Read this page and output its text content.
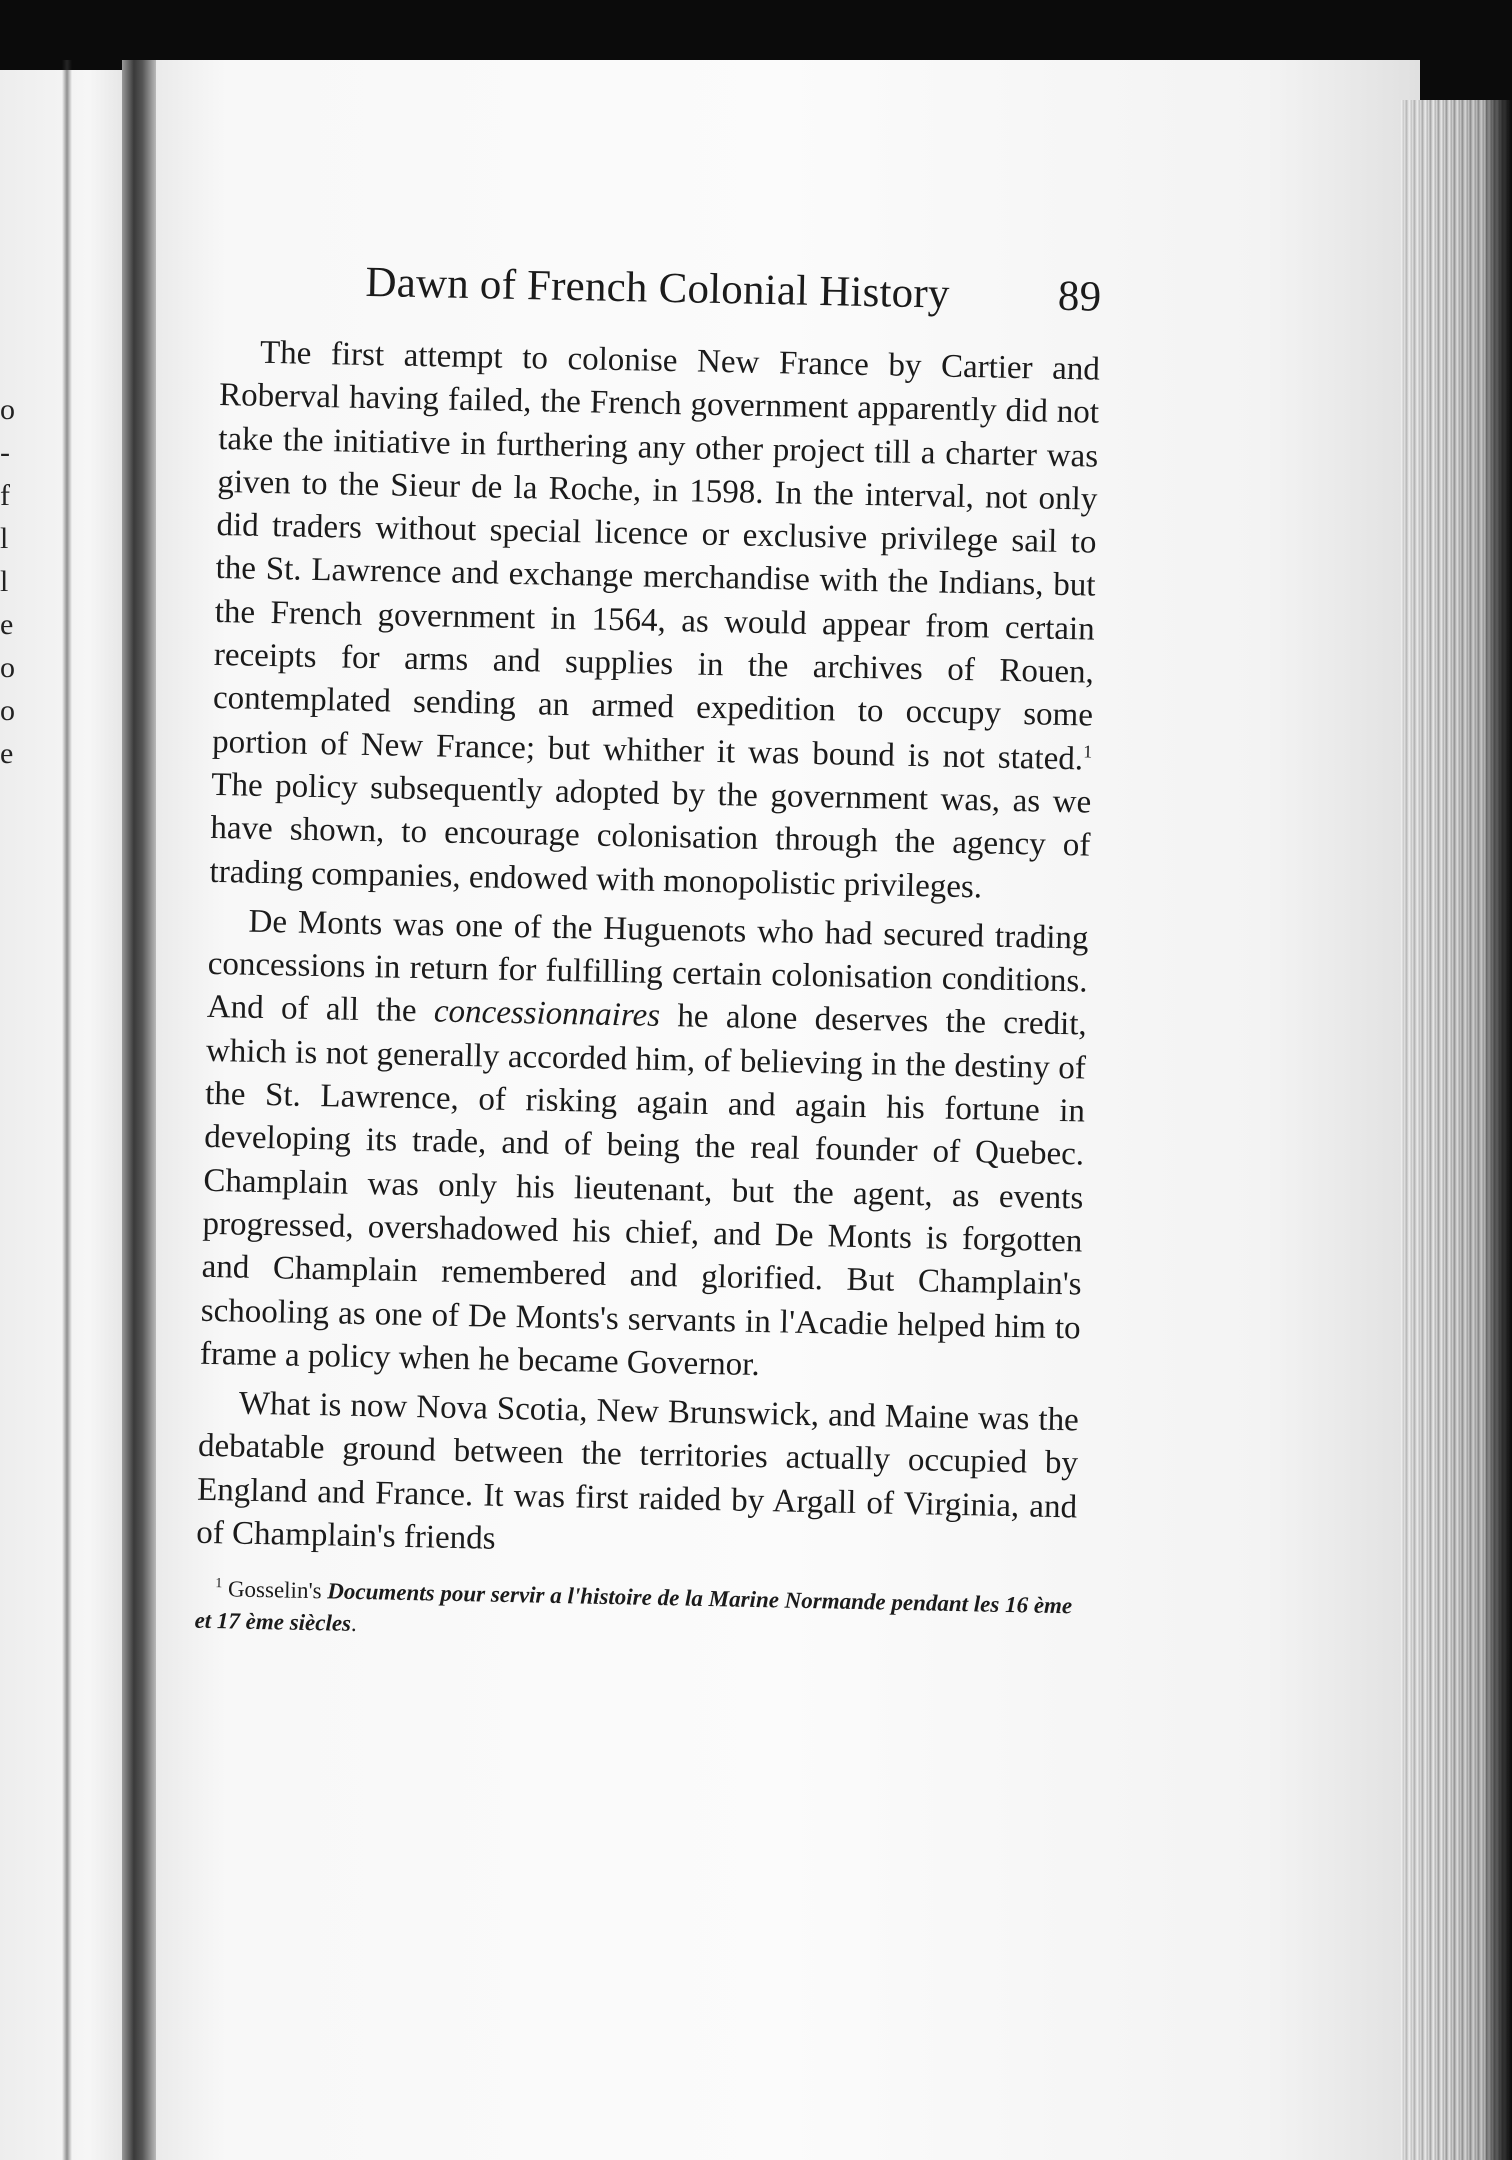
o
-
f
l
l
e
o
o
e
Dawn of French Colonial History 89

The first attempt to colonise New France by Cartier and Roberval having failed, the French government apparently did not take the initiative in furthering any other project till a charter was given to the Sieur de la Roche, in 1598. In the interval, not only did traders without special licence or exclusive privilege sail to the St. Lawrence and exchange merchandise with the Indians, but the French government in 1564, as would appear from certain receipts for arms and supplies in the archives of Rouen, contemplated sending an armed expedition to occupy some portion of New France; but whither it was bound is not stated.$^1$ The policy subsequently adopted by the government was, as we have shown, to encourage colonisation through the agency of trading companies, endowed with monopolistic privileges.

De Monts was one of the Huguenots who had secured trading concessions in return for fulfilling certain colonisation conditions. And of all the concessionnaires he alone deserves the credit, which is not generally accorded him, of believing in the destiny of the St. Lawrence, of risking again and again his fortune in developing its trade, and of being the real founder of Quebec. Champlain was only his lieutenant, but the agent, as events progressed, overshadowed his chief, and De Monts is forgotten and Champlain remembered and glorified. But Champlain's schooling as one of De Monts's servants in l'Acadie helped him to frame a policy when he became Governor.

What is now Nova Scotia, New Brunswick, and Maine was the debatable ground between the territories actually occupied by England and France. It was first raided by Argall of Virginia, and of Champlain's friends

$^1$ Gosselin's Documents pour servir a l'histoire de la Marine Normande pendant les 16 ème et 17 ème siècles.
